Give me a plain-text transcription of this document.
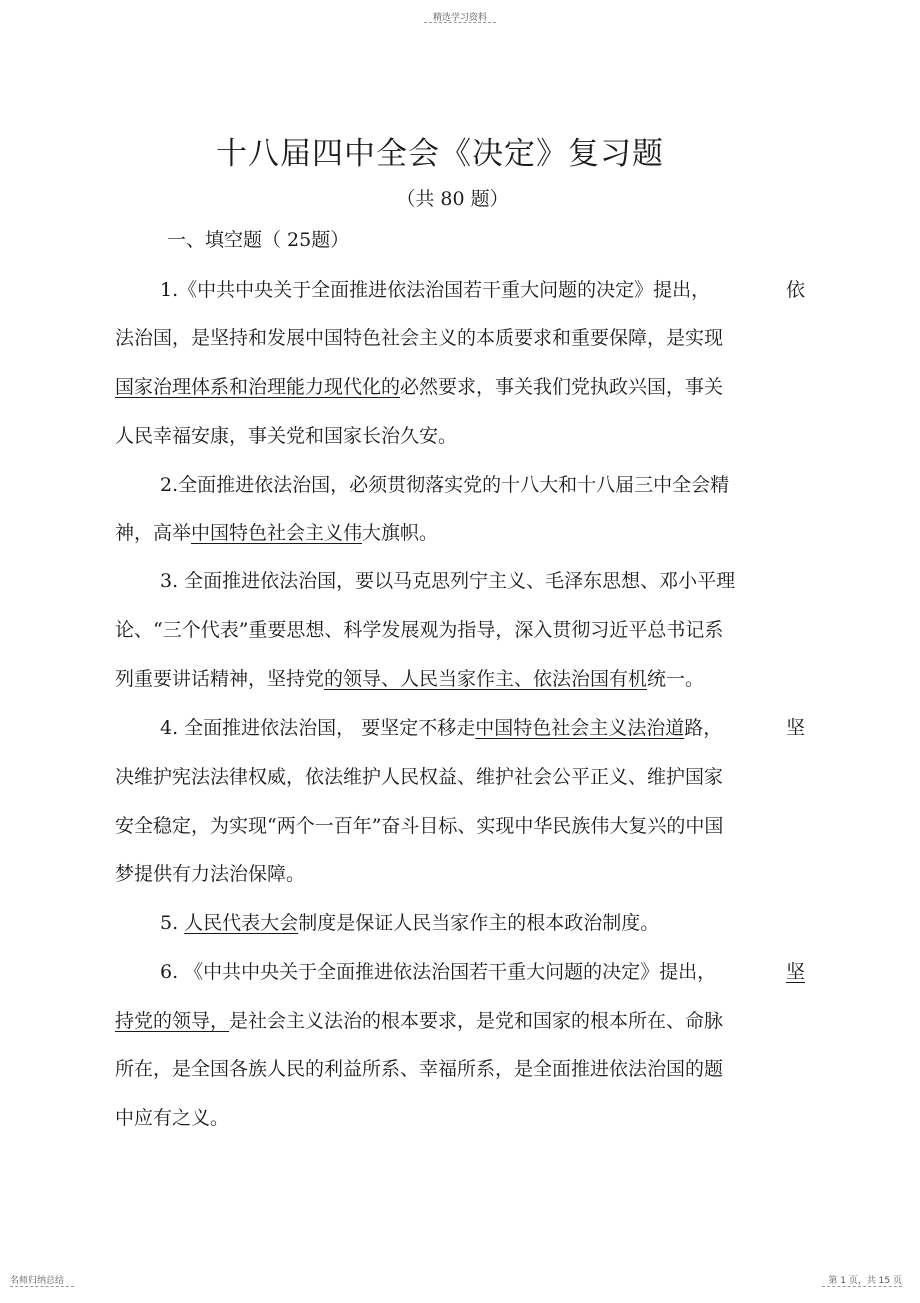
精选学习资料
十八届四中全会《决定》复习题
（共 80 题）
一、填空题（ 25题）
1.《中共中央关于全面推进依法治国若干重大问题的决定》提出，	依
法治国，是坚持和发展中国特色社会主义的本质要求和重要保障，是实现
国家治理体系和治理能力现代化的必然要求，事关我们党执政兴国，事关
人民幸福安康，事关党和国家长治久安。
2.全面推进依法治国，必须贯彻落实党的十八大和十八届三中全会精
神，高举中国特色社会主义伟大旗帜。
3. 全面推进依法治国，要以马克思列宁主义、毛泽东思想、邓小平理
论、“三个代表”重要思想、科学发展观为指导，深入贯彻习近平总书记系
列重要讲话精神，坚持党的领导、人民当家作主、依法治国有机统一。
4. 全面推进依法治国， 要坚定不移走中国特色社会主义法治道路，	坚
决维护宪法法律权威，依法维护人民权益、维护社会公平正义、维护国家
安全稳定，为实现“两个一百年”奋斗目标、实现中华民族伟大复兴的中国
梦提供有力法治保障。
5. 人民代表大会制度是保证人民当家作主的根本政治制度。
6. 《中共中央关于全面推进依法治国若干重大问题的决定》提出，	坚
持党的领导，是社会主义法治的根本要求，是党和国家的根本所在、命脉
所在，是全国各族人民的利益所系、幸福所系，是全面推进依法治国的题
中应有之义。
名师归纳总结	第 1 页，共 15 页
